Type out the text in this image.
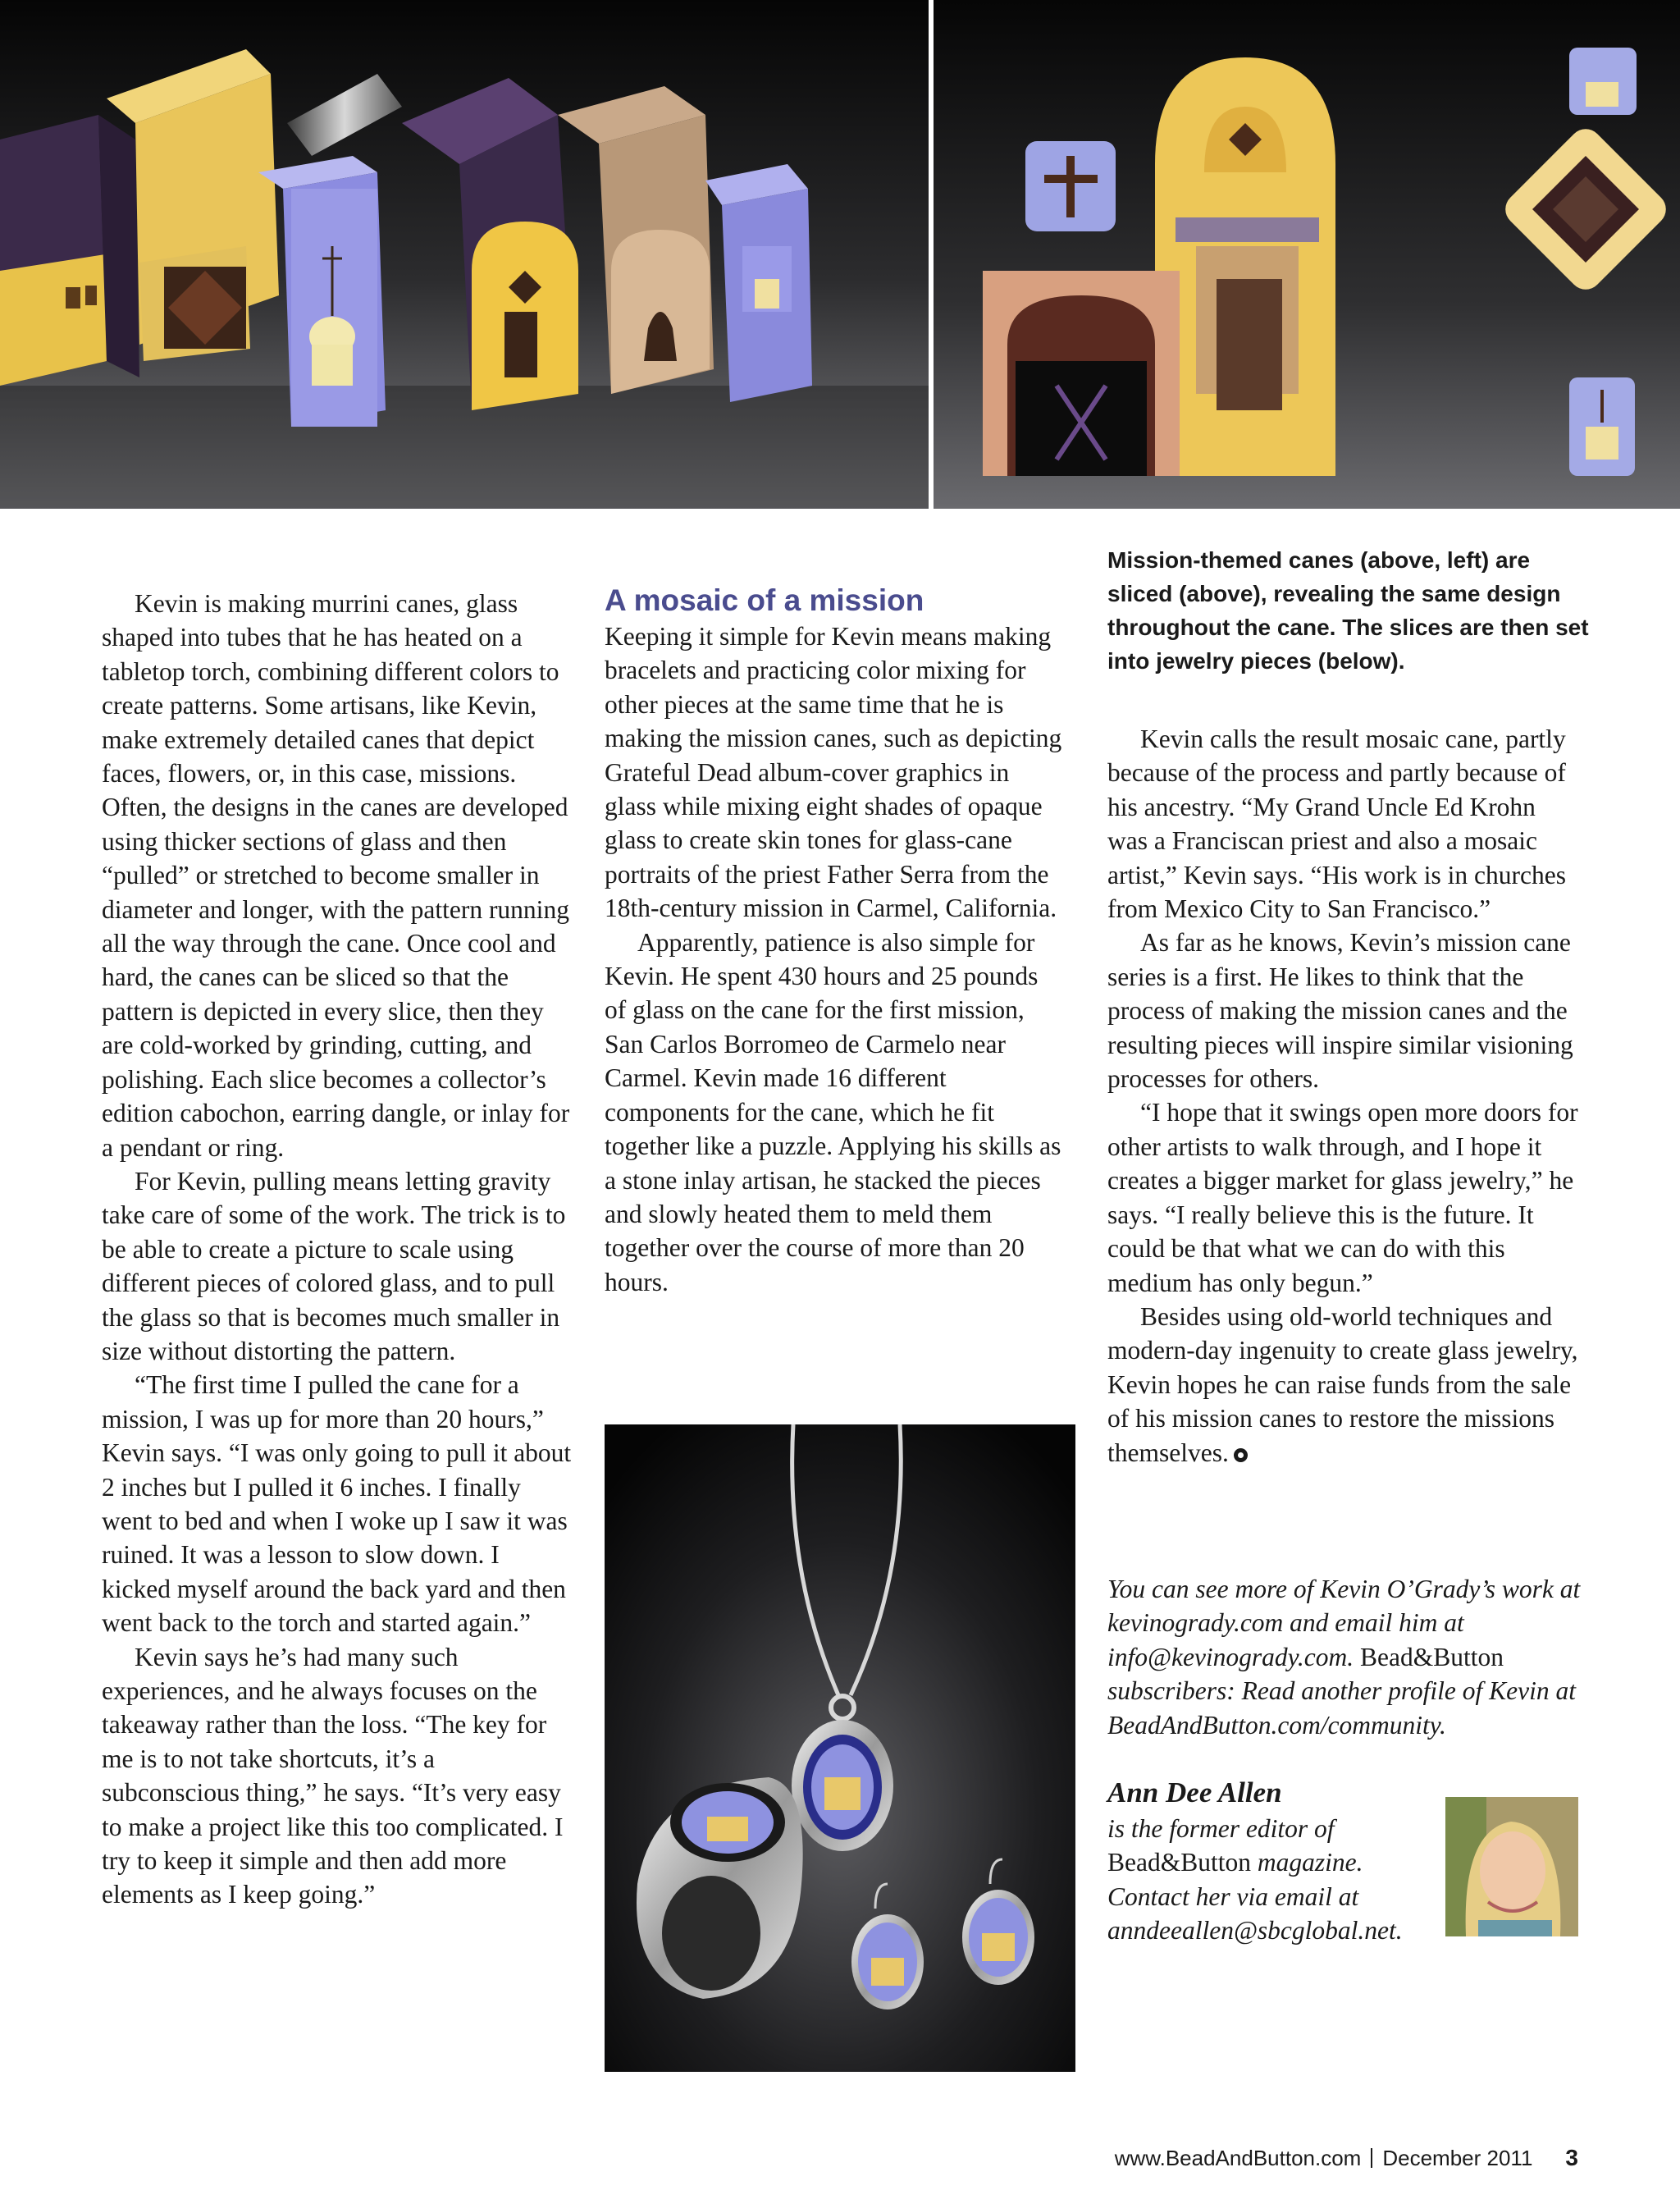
Mission-themed canes (above, left) are sliced (above), revealing the same design throughout the cane. The slices are then set into jewelry pieces (below).

Kevin is making murrini canes, glass shaped into tubes that he has heated on a tabletop torch, combining different colors to create patterns. Some artisans, like Kevin, make extremely detailed canes that depict faces, flowers, or, in this case, missions. Often, the designs in the canes are developed using thicker sections of glass and then “pulled” or stretched to become smaller in diameter and longer, with the pattern running all the way through the cane. Once cool and hard, the canes can be sliced so that the pattern is depicted in every slice, then they are cold-worked by grinding, cutting, and polishing. Each slice becomes a collector’s edition cabochon, earring dangle, or inlay for a pendant or ring.

For Kevin, pulling means letting gravity take care of some of the work. The trick is to be able to create a picture to scale using different pieces of colored glass, and to pull the glass so that is becomes much smaller in size without distorting the pattern.

“The first time I pulled the cane for a mission, I was up for more than 20 hours,” Kevin says. “I was only going to pull it about 2 inches but I pulled it 6 inches. I finally went to bed and when I woke up I saw it was ruined. It was a lesson to slow down. I kicked myself around the back yard and then went back to the torch and started again.”

Kevin says he’s had many such experiences, and he always focuses on the takeaway rather than the loss. “The key for me is to not take shortcuts, it’s a subconscious thing,” he says. “It’s very easy to make a project like this too complicated. I try to keep it simple and then add more elements as I keep going.”

A mosaic of a mission

Keeping it simple for Kevin means making bracelets and practicing color mixing for other pieces at the same time that he is making the mission canes, such as depicting Grateful Dead album-cover graphics in glass while mixing eight shades of opaque glass to create skin tones for glass-cane portraits of the priest Father Serra from the 18th-century mission in Carmel, California.

Apparently, patience is also simple for Kevin. He spent 430 hours and 25 pounds of glass on the cane for the first mission, San Carlos Borromeo de Carmelo near Carmel. Kevin made 16 different components for the cane, which he fit together like a puzzle. Applying his skills as a stone inlay artisan, he stacked the pieces and slowly heated them to meld them together over the course of more than 20 hours.

Kevin calls the result mosaic cane, partly because of the process and partly because of his ancestry. “My Grand Uncle Ed Krohn was a Franciscan priest and also a mosaic artist,” Kevin says. “His work is in churches from Mexico City to San Francisco.”

As far as he knows, Kevin’s mission cane series is a first. He likes to think that the process of making the mission canes and the resulting pieces will inspire similar visioning processes for others.

“I hope that it swings open more doors for other artists to walk through, and I hope it creates a bigger market for glass jewelry,” he says. “I really believe this is the future. It could be that what we can do with this medium has only begun.”

Besides using old-world techniques and modern-day ingenuity to create glass jewelry, Kevin hopes he can raise funds from the sale of his mission canes to restore the missions themselves.

You can see more of Kevin O’Grady’s work at kevinogrady.com and email him at info@kevinogrady.com. Bead&Button subscribers: Read another profile of Kevin at BeadAndButton.com/community.

Ann Dee Allen

is the former editor of Bead&Button magazine. Contact her via email at anndeeallen@sbcglobal.net.

www.BeadAndButton.com December 2011 3
